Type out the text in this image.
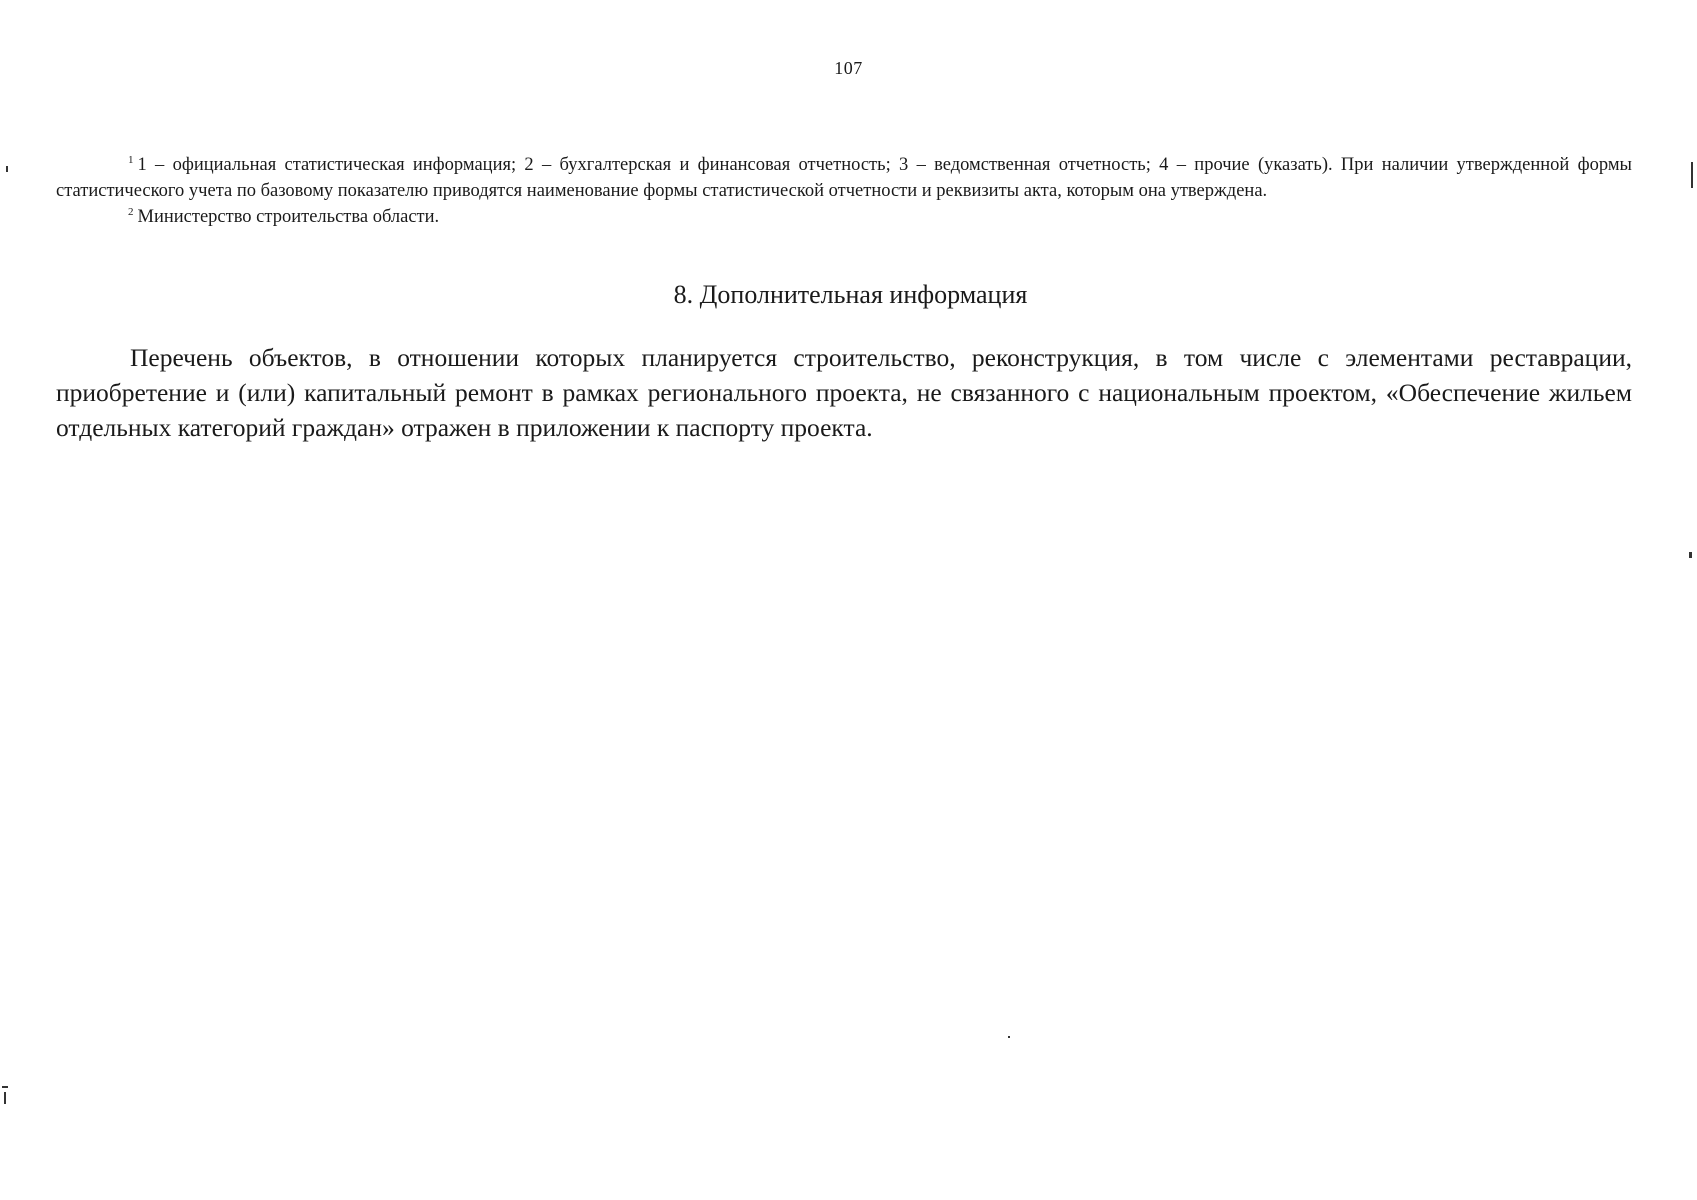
107

$^1$ 1 – официальная статистическая информация; 2 – бухгалтерская и финансовая отчетность; 3 – ведомственная отчетность; 4 – прочие (указать). При наличии утвержденной формы статистического учета по базовому показателю приводятся наименование формы статистической отчетности и реквизиты акта, которым она утверждена.

$^2$ Министерство строительства области.

8. Дополнительная информация

Перечень объектов, в отношении которых планируется строительство, реконструкция, в том числе с элементами реставрации, приобретение и (или) капитальный ремонт в рамках регионального проекта, не связанного с национальным проектом, «Обеспечение жильем отдельных категорий граждан» отражен в приложении к паспорту проекта.
